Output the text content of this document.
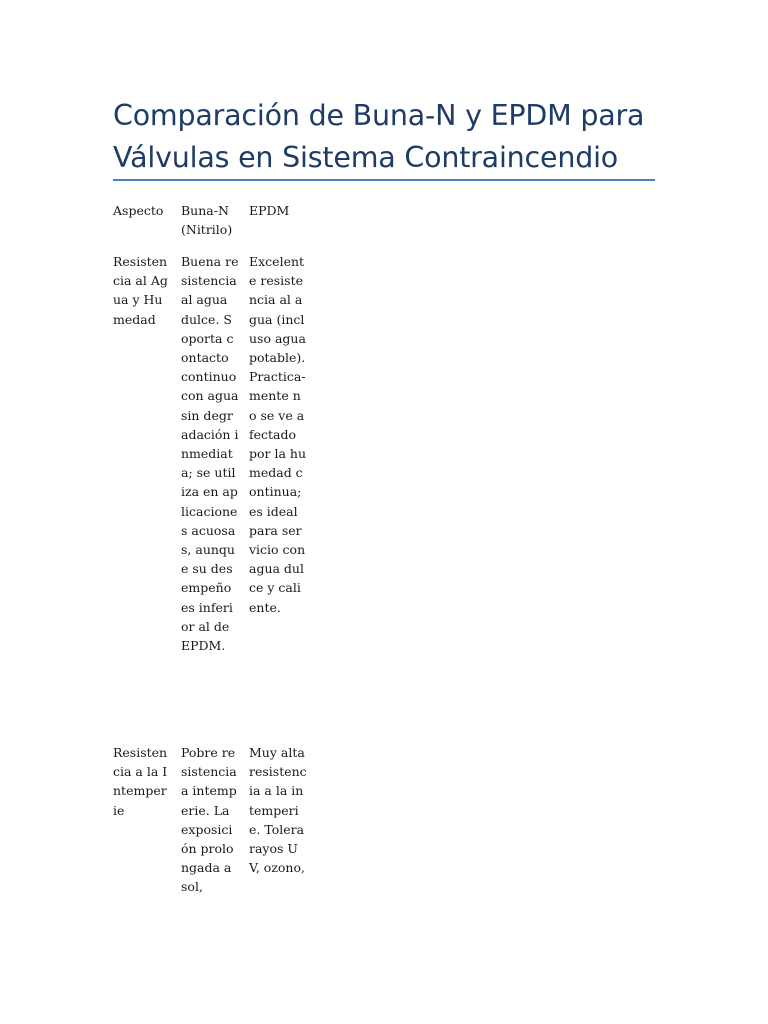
Comparación de Buna-N y EPDM para Válvulas en Sistema Contraincendio
Aspecto	Buna-N (Nitrilo)
EPDM
Resistencia al Agua y Humedad
Buena resistencia al agua dulce. Soporta contacto continuo con agua sin degradación inmediata; se utiliza en aplicaciones acuosas, aunque su desempeño es inferior al de EPDM.
Excelente resistencia al agua (incluso agua potable). Practica-mente no se ve afectado por la humedad continua; es ideal para servicio con agua dulce y caliente.
Resistencia a la Intemperie
Pobre resistencia a intemperie. La exposición prolongada a sol,
Muy alta resistencia a la intemperie. Tolera rayos UV, ozono,
